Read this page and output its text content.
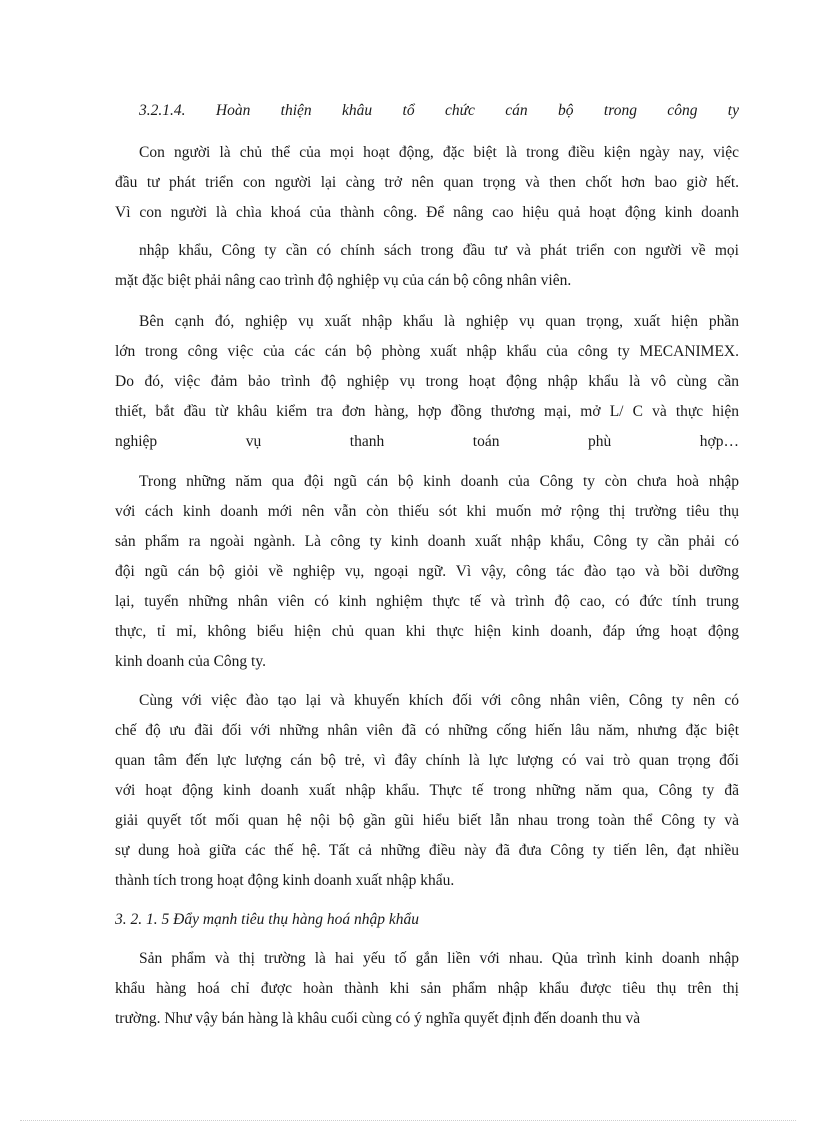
3.2.1.4. Hoàn thiện khâu tổ chức cán bộ trong công ty
Con người là chủ thể của mọi hoạt động, đặc biệt là trong điều kiện ngày nay, việc
đầu tư phát triển con người lại càng trở nên quan trọng và then chốt hơn bao giờ hết.
Vì con người là chìa khoá của thành công. Để nâng cao hiệu quả hoạt động kinh doanh
nhập khẩu, Công ty cần có chính sách trong đầu tư và phát triển con người về mọi
mặt đặc biệt phải nâng cao trình độ nghiệp vụ của cán bộ công nhân viên.
Bên cạnh đó, nghiệp vụ xuất nhập khẩu là nghiệp vụ quan trọng, xuất hiện phần
lớn trong công việc của các cán bộ phòng xuất nhập khẩu của công ty MECANIMEX.
Do đó, việc đảm bảo trình độ nghiệp vụ trong hoạt động nhập khẩu là vô cùng cần
thiết, bắt đầu từ khâu kiểm tra đơn hàng, hợp đồng thương mại, mở L/ C và thực hiện
nghiệp vụ thanh toán phù hợp…
Trong những năm qua đội ngũ cán bộ kinh doanh của Công ty còn chưa hoà nhập
với cách kinh doanh mới nên vẫn còn thiếu sót khi muốn mở rộng thị trường tiêu thụ
sản phẩm ra ngoài ngành. Là công ty kinh doanh xuất nhập khẩu, Công ty cần phải có
đội ngũ cán bộ giỏi về nghiệp vụ, ngoại ngữ. Vì vậy, công tác đào tạo và bồi dưỡng
lại, tuyển những nhân viên có kinh nghiệm thực tế và trình độ cao, có đức tính trung
thực, tỉ mỉ, không biểu hiện chủ quan khi thực hiện kinh doanh, đáp ứng hoạt động
kinh doanh của Công ty.
Cùng với việc đào tạo lại và khuyến khích đối với công nhân viên, Công ty nên có
chế độ ưu đãi đối với những nhân viên đã có những cống hiến lâu năm, nhưng đặc biệt
quan tâm đến lực lượng cán bộ trẻ, vì đây chính là lực lượng có vai trò quan trọng đối
với hoạt động kinh doanh xuất nhập khẩu. Thực tế trong những năm qua, Công ty đã
giải quyết tốt mối quan hệ nội bộ gần gũi hiểu biết lẫn nhau trong toàn thể Công ty và
sự dung hoà giữa các thế hệ. Tất cả những điều này đã đưa Công ty tiến lên, đạt nhiều
thành tích trong hoạt động kinh doanh xuất nhập khẩu.
3. 2. 1. 5 Đẩy mạnh tiêu thụ hàng hoá nhập khẩu
Sản phẩm và thị trường là hai yếu tố gắn liền với nhau. Qủa trình kinh doanh nhập
khẩu hàng hoá chỉ được hoàn thành khi sản phẩm nhập khẩu được tiêu thụ trên thị
trường. Như vậy bán hàng là khâu cuối cùng có ý nghĩa quyết định đến doanh thu và
